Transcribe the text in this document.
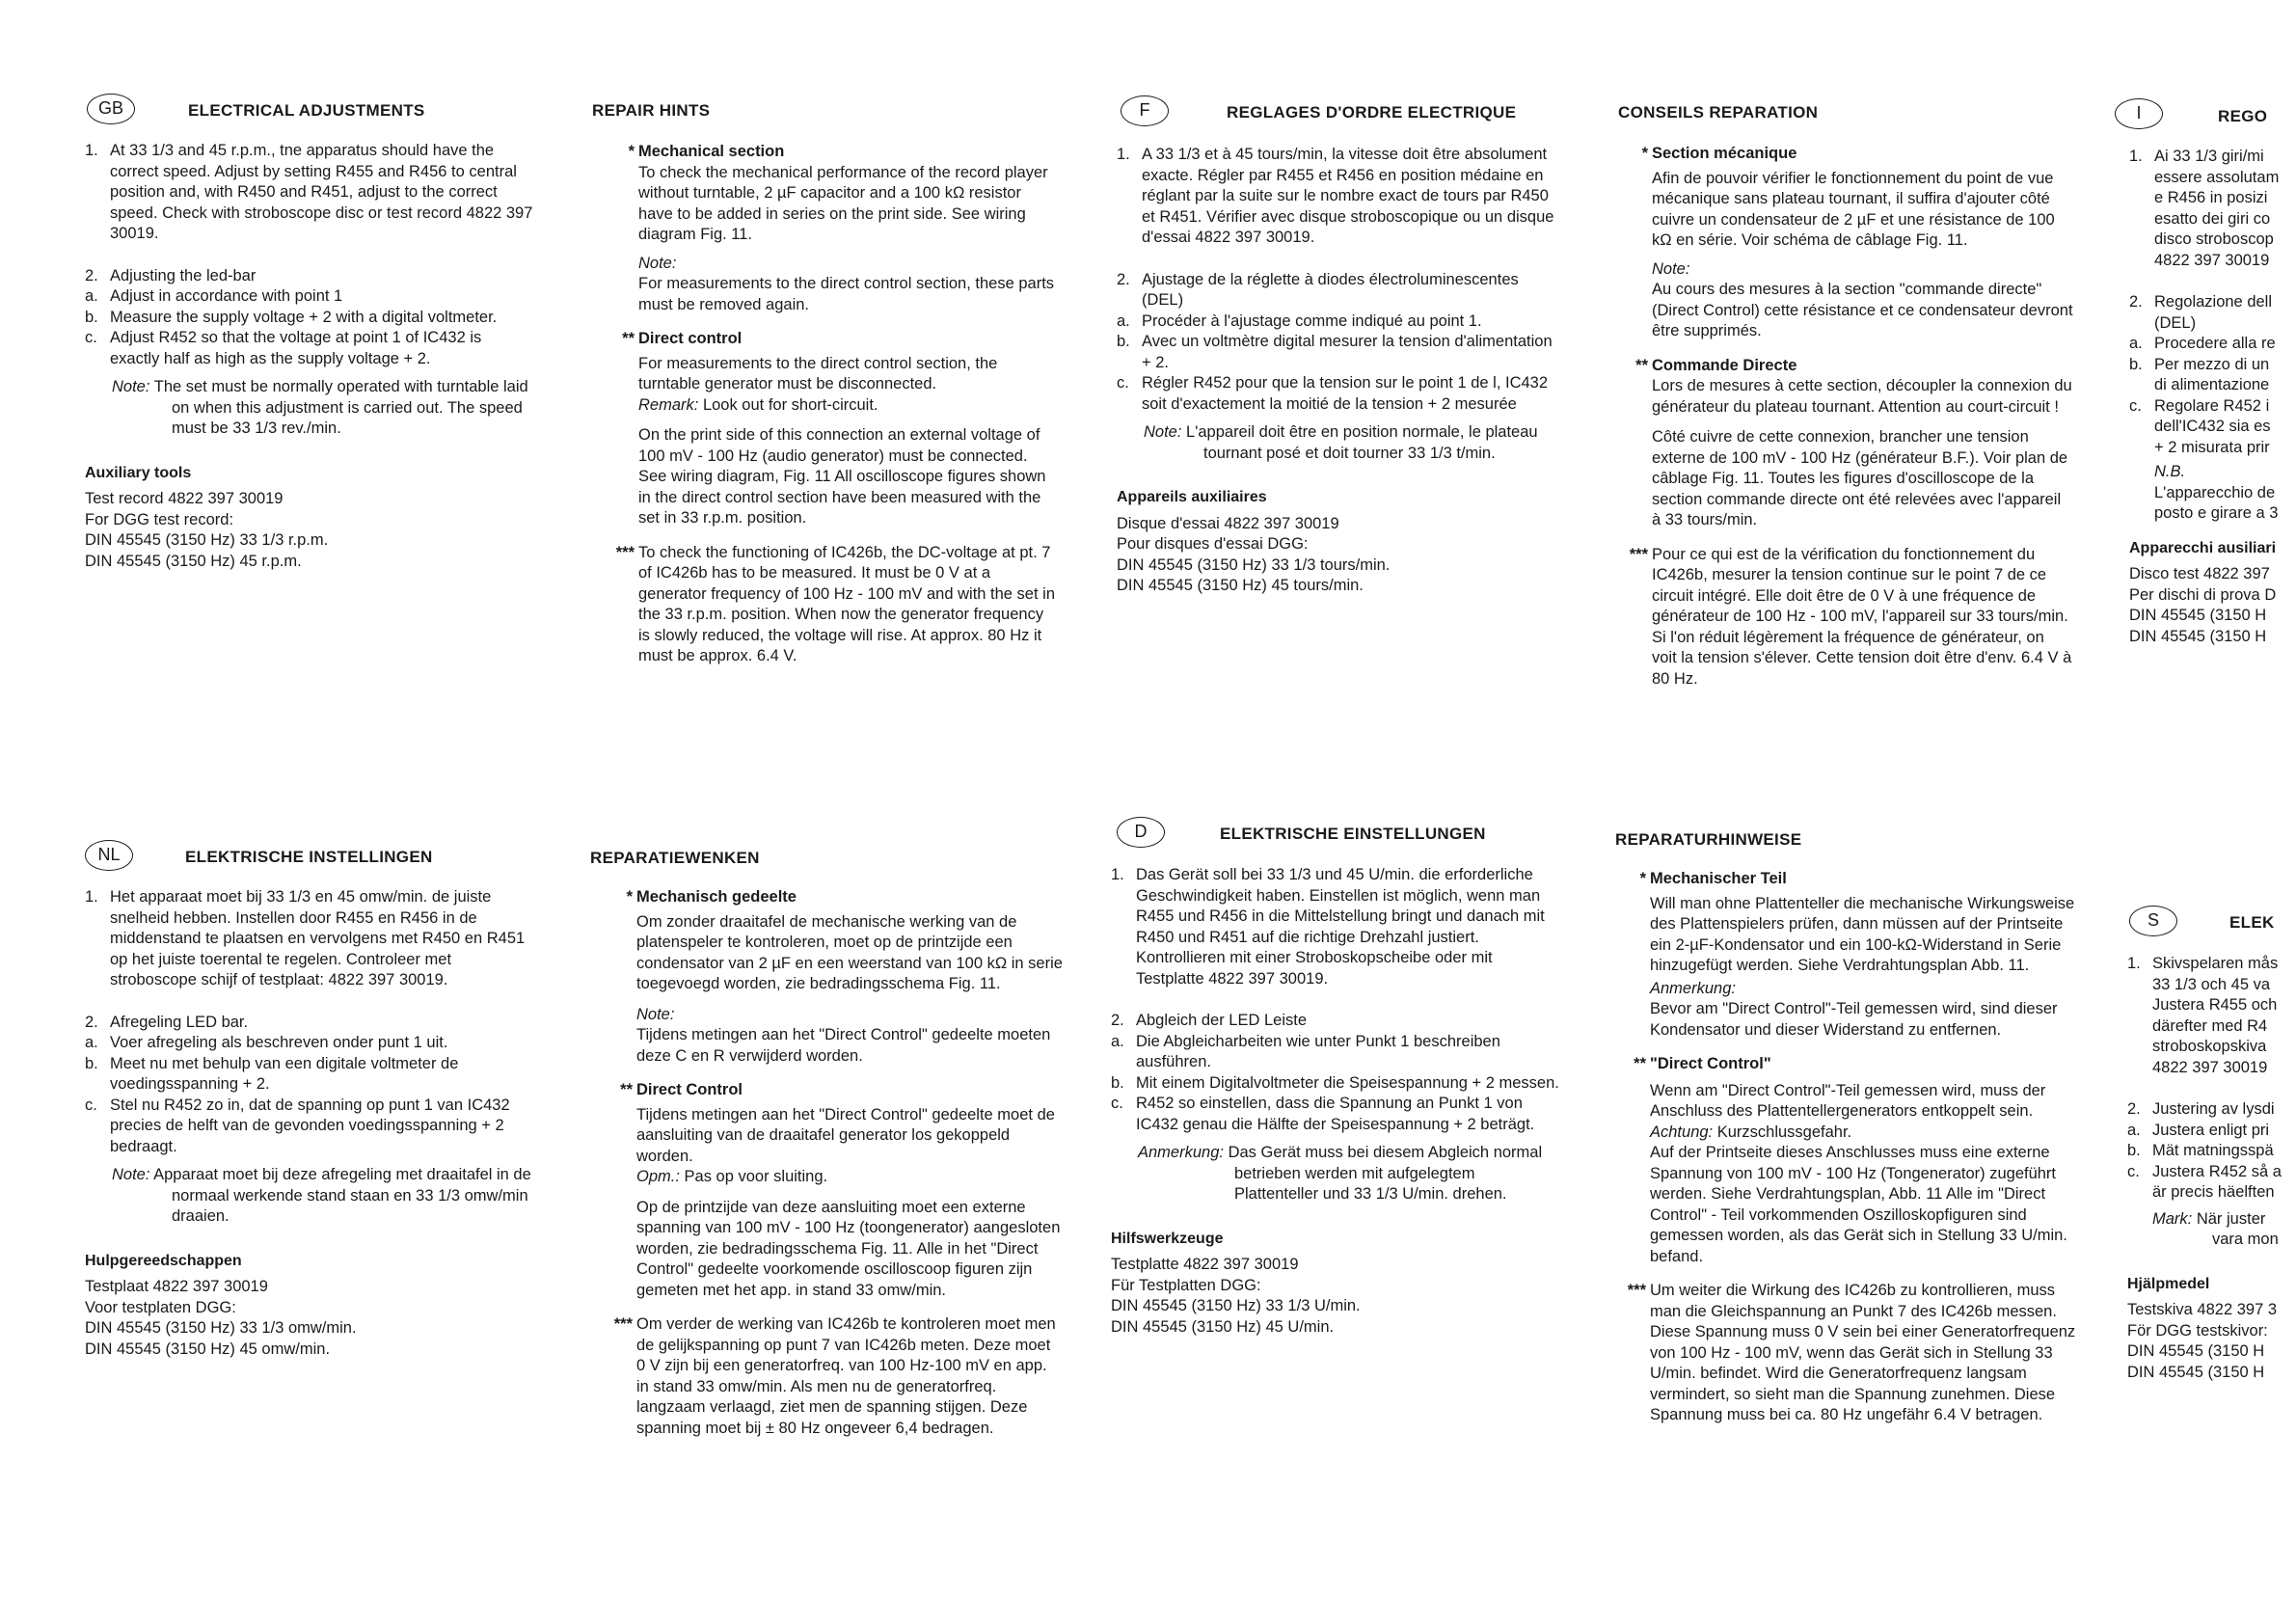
GB	ELECTRICAL ADJUSTMENTS
1. At 33 1/3 and 45 r.p.m., tne apparatus should have the correct speed. Adjust by setting R455 and R456 to central position and, with R450 and R451, adjust to the correct speed. Check with stroboscope disc or test record 4822 397 30019.
2. Adjusting the led-bar
a. Adjust in accordance with point 1
b. Measure the supply voltage + 2 with a digital voltmeter.
c. Adjust R452 so that the voltage at point 1 of IC432 is exactly half as high as the supply voltage + 2.
Note: The set must be normally operated with turntable laid on when this adjustment is carried out. The speed must be 33 1/3 rev./min.
Auxiliary tools
Test record 4822 397 30019
For DGG test record:
DIN 45545 (3150 Hz) 33 1/3 r.p.m.
DIN 45545 (3150 Hz) 45 r.p.m.
REPAIR HINTS
* Mechanical section
To check the mechanical performance of the record player without turntable, 2 µF capacitor and a 100 kΩ resistor have to be added in series on the print side. See wiring diagram Fig. 11.
Note:
For measurements to the direct control section, these parts must be removed again.
** Direct control
For measurements to the direct control section, the turntable generator must be disconnected.
Remark: Look out for short-circuit.
On the print side of this connection an external voltage of 100 mV - 100 Hz (audio generator) must be connected. See wiring diagram, Fig. 11 All oscilloscope figures shown in the direct control section have been measured with the set in 33 r.p.m. position.
*** To check the functioning of IC426b, the DC-voltage at pt. 7 of IC426b has to be measured. It must be 0 V at a generator frequency of 100 Hz - 100 mV and with the set in the 33 r.p.m. position. When now the generator frequency is slowly reduced, the voltage will rise. At approx. 80 Hz it must be approx. 6.4 V.
F	REGLAGES D'ORDRE ELECTRIQUE
1. A 33 1/3 et à 45 tours/min, la vitesse doit être absolument exacte. Régler par R455 et R456 en position médaine en réglant par la suite sur le nombre exact de tours par R450 et R451. Vérifier avec disque stroboscopique ou un disque d'essai 4822 397 30019.
2. Ajustage de la réglette à diodes électroluminescentes (DEL)
a. Procéder à l'ajustage comme indiqué au point 1.
b. Avec un voltmètre digital mesurer la tension d'alimentation + 2.
c. Régler R452 pour que la tension sur le point 1 de l, IC432 soit d'exactement la moitié de la tension + 2 mesurée
Note: L'appareil doit être en position normale, le plateau tournant posé et doit tourner 33 1/3 t/min.
Appareils auxiliaires
Disque d'essai 4822 397 30019
Pour disques d'essai DGG:
DIN 45545 (3150 Hz) 33 1/3 tours/min.
DIN 45545 (3150 Hz) 45 tours/min.
CONSEILS REPARATION
* Section mécanique
Afin de pouvoir vérifier le fonctionnement du point de vue mécanique sans plateau tournant, il suffira d'ajouter côté cuivre un condensateur de 2 µF et une résistance de 100 kΩ en série. Voir schéma de câblage Fig. 11.
Note:
Au cours des mesures à la section "commande directe" (Direct Control) cette résistance et ce condensateur devront être supprimés.
** Commande Directe
Lors de mesures à cette section, découpler la connexion du générateur du plateau tournant. Attention au court-circuit !
Côté cuivre de cette connexion, brancher une tension externe de 100 mV - 100 Hz (générateur B.F.). Voir plan de câblage Fig. 11. Toutes les figures d'oscilloscope de la section commande directe ont été relevées avec l'appareil à 33 tours/min.
*** Pour ce qui est de la vérification du fonctionnement du IC426b, mesurer la tension continue sur le point 7 de ce circuit intégré. Elle doit être de 0 V à une fréquence de générateur de 100 Hz - 100 mV, l'appareil sur 33 tours/min. Si l'on réduit légèrement la fréquence de générateur, on voit la tension s'élever. Cette tension doit être d'env. 6.4 V à 80 Hz.
I	REGO
1. Ai 33 1/3 giri/mi
essere assolutam
e R456 in posizi
esatto dei giri co
disco stroboscop
4822 397 30019
2. Regolazione dell
(DEL)
a. Procedere alla re
b. Per mezzo di un
di alimentazione
c. Regolare R452 i
dell'IC432 sia es
+ 2 misurata prir
N.B.
L'apparecchio de
posto e girare a 3
Apparecchi ausiliari
Disco test 4822 397
Per dischi di prova D
DIN 45545 (3150 H
DIN 45545 (3150 H
NL	ELEKTRISCHE INSTELLINGEN
1. Het apparaat moet bij 33 1/3 en 45 omw/min. de juiste snelheid hebben. Instellen door R455 en R456 in de middenstand te plaatsen en vervolgens met R450 en R451 op het juiste toerental te regelen. Controleer met stroboscope schijf of testplaat: 4822 397 30019.
2. Afregeling LED bar.
a. Voer afregeling als beschreven onder punt 1 uit.
b. Meet nu met behulp van een digitale voltmeter de voedingsspanning + 2.
c. Stel nu R452 zo in, dat de spanning op punt 1 van IC432 precies de helft van de gevonden voedingsspanning + 2 bedraagt.
Note: Apparaat moet bij deze afregeling met draaitafel in de normaal werkende stand staan en 33 1/3 omw/min draaien.
Hulpgereedschappen
Testplaat 4822 397 30019
Voor testplaten DGG:
DIN 45545 (3150 Hz) 33 1/3 omw/min.
DIN 45545 (3150 Hz) 45 omw/min.
REPARATIEWENKEN
* Mechanisch gedeelte
Om zonder draaitafel de mechanische werking van de platenspeler te kontroleren, moet op de printzijde een condensator van 2 µF en een weerstand van 100 kΩ in serie toegevoegd worden, zie bedradingsschema Fig. 11.
Note:
Tijdens metingen aan het "Direct Control" gedeelte moeten deze C en R verwijderd worden.
** Direct Control
Tijdens metingen aan het "Direct Control" gedeelte moet de aansluiting van de draaitafel generator los gekoppeld worden.
Opm.: Pas op voor sluiting.
Op de printzijde van deze aansluiting moet een externe spanning van 100 mV - 100 Hz (toongenerator) aangesloten worden, zie bedradingsschema Fig. 11. Alle in het "Direct Control" gedeelte voorkomende oscilloscoop figuren zijn gemeten met het app. in stand 33 omw/min.
*** Om verder de werking van IC426b te kontroleren moet men de gelijkspanning op punt 7 van IC426b meten. Deze moet 0 V zijn bij een generatorfreq. van 100 Hz-100 mV en app. in stand 33 omw/min. Als men nu de generatorfreq. langzaam verlaagd, ziet men de spanning stijgen. Deze spanning moet bij ± 80 Hz ongeveer 6,4 bedragen.
D	ELEKTRISCHE EINSTELLUNGEN
1. Das Gerät soll bei 33 1/3 und 45 U/min. die erforderliche Geschwindigkeit haben. Einstellen ist möglich, wenn man R455 und R456 in die Mittelstellung bringt und danach mit R450 und R451 auf die richtige Drehzahl justiert. Kontrollieren mit einer Stroboskopscheibe oder mit Testplatte 4822 397 30019.
2. Abgleich der LED Leiste
a. Die Abgleicharbeiten wie unter Punkt 1 beschreiben ausführen.
b. Mit einem Digitalvoltmeter die Speisespannung + 2 messen.
c. R452 so einstellen, dass die Spannung an Punkt 1 von IC432 genau die Hälfte der Speisespannung + 2 beträgt.
Anmerkung: Das Gerät muss bei diesem Abgleich normal betrieben werden mit aufgelegtem Plattenteller und 33 1/3 U/min. drehen.
Hilfswerkzeuge
Testplatte 4822 397 30019
Für Testplatten DGG:
DIN 45545 (3150 Hz) 33 1/3 U/min.
DIN 45545 (3150 Hz) 45 U/min.
REPARATURHINWEISE
* Mechanischer Teil
Will man ohne Plattenteller die mechanische Wirkungsweise des Plattenspielers prüfen, dann müssen auf der Printseite ein 2-µF-Kondensator und ein 100-kΩ-Widerstand in Serie hinzugefügt werden. Siehe Verdrahtungsplan Abb. 11.
Anmerkung:
Bevor am "Direct Control"-Teil gemessen wird, sind dieser Kondensator und dieser Widerstand zu entfernen.
** "Direct Control"
Wenn am "Direct Control"-Teil gemessen wird, muss der Anschluss des Plattentellergenerators entkoppelt sein.
Achtung: Kurzschlussgefahr.
Auf der Printseite dieses Anschlusses muss eine externe Spannung von 100 mV - 100 Hz (Tongenerator) zugeführt werden. Siehe Verdrahtungsplan, Abb. 11 Alle im "Direct Control" - Teil vorkommenden Oszilloskopfiguren sind gemessen worden, als das Gerät sich in Stellung 33 U/min. befand.
*** Um weiter die Wirkung des IC426b zu kontrollieren, muss man die Gleichspannung an Punkt 7 des IC426b messen. Diese Spannung muss 0 V sein bei einer Generatorfrequenz von 100 Hz - 100 mV, wenn das Gerät sich in Stellung 33 U/min. befindet. Wird die Generatorfrequenz langsam vermindert, so sieht man die Spannung zunehmen. Diese Spannung muss bei ca. 80 Hz ungefähr 6.4 V betragen.
S	ELEK
1. Skivspelaren mås
33 1/3 och 45 va
Justera R455 och
därefter med R4
stroboskopskiva
4822 397 30019
2. Justering av lysdi
a. Justera enligt pri
b. Mät matningsspä
c. Justera R452 så a
är precis häelften
Mark: När juster
vara mon
Hjälpmedel
Testskiva 4822 397 3
För DGG testskivor:
DIN 45545 (3150 H
DIN 45545 (3150 H
